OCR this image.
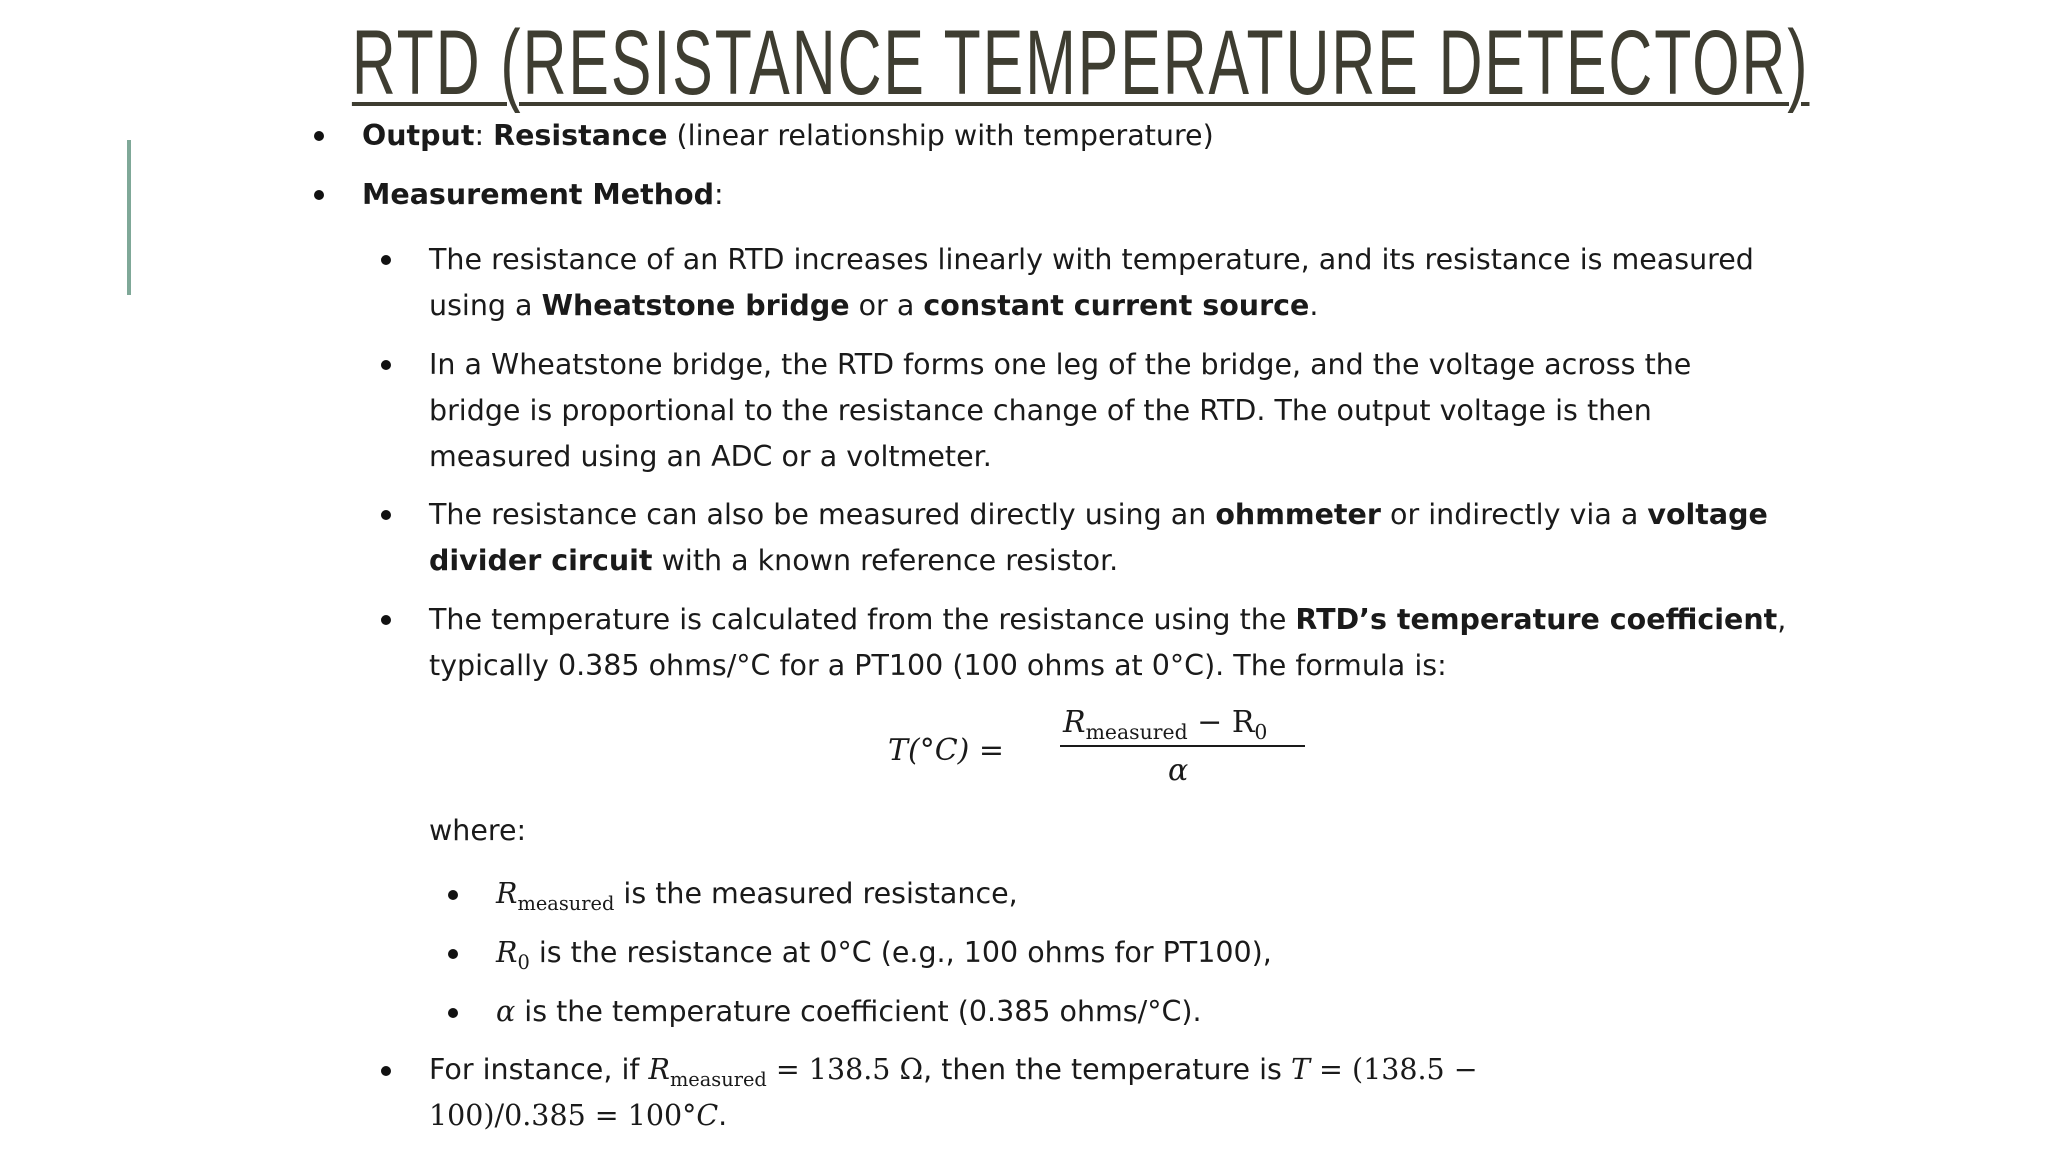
RTD (RESISTANCE TEMPERATURE DETECTOR)
Output: Resistance (linear relationship with temperature)
Measurement Method:
The resistance of an RTD increases linearly with temperature, and its resistance is measured
using a Wheatstone bridge or a constant current source.
In a Wheatstone bridge, the RTD forms one leg of the bridge, and the voltage across the
bridge is proportional to the resistance change of the RTD. The output voltage is then
measured using an ADC or a voltmeter.
The resistance can also be measured directly using an ohmmeter or indirectly via a voltage
divider circuit with a known reference resistor.
The temperature is calculated from the resistance using the RTD’s temperature coefficient,
typically 0.385 ohms/°C for a PT100 (100 ohms at 0°C). The formula is:
T(°C) =
$R_{measured} - R_0$
α
where:
$R_{measured}$ is the measured resistance,
$R_0$ is the resistance at 0°C (e.g., 100 ohms for PT100),
α is the temperature coefficient (0.385 ohms/°C).
For instance, if $R_{measured} = 138.5$ Ω, then the temperature is T = (138.5 −
100)/0.385 = 100°C.
